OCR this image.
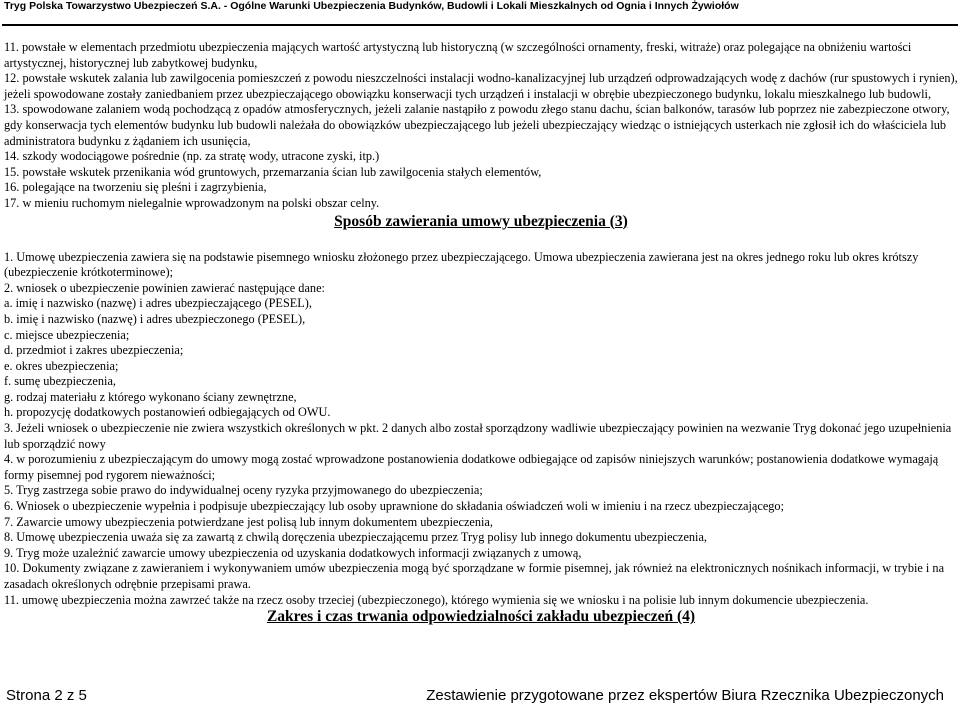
Tryg Polska Towarzystwo Ubezpieczeń S.A. - Ogólne Warunki Ubezpieczenia Budynków, Budowli i Lokali Mieszkalnych od Ognia i Innych Żywiołów

11. powstałe w elementach przedmiotu ubezpieczenia mających wartość artystyczną lub historyczną (w szczególności ornamenty, freski, witraże) oraz polegające na obniżeniu wartości artystycznej, historycznej lub zabytkowej budynku,

12. powstałe wskutek zalania lub zawilgocenia pomieszczeń z powodu nieszczelności instalacji wodno-kanalizacyjnej lub urządzeń odprowadzających wodę z dachów (rur spustowych i rynien), jeżeli spowodowane zostały zaniedbaniem przez ubezpieczającego obowiązku konserwacji tych urządzeń i instalacji w obrębie ubezpieczonego budynku, lokalu mieszkalnego lub budowli,

13. spowodowane zalaniem wodą pochodzącą z opadów atmosferycznych, jeżeli zalanie nastąpiło z powodu złego stanu dachu, ścian balkonów, tarasów lub poprzez nie zabezpieczone otwory, gdy konserwacja tych elementów budynku lub budowli należała do obowiązków ubezpieczającego lub jeżeli ubezpieczający wiedząc o istniejących usterkach nie zgłosił ich do właściciela lub administratora budynku z żądaniem ich usunięcia,

14. szkody wodociągowe pośrednie (np. za stratę wody, utracone zyski, itp.)

15. powstałe wskutek przenikania wód gruntowych, przemarzania ścian lub zawilgocenia stałych elementów,

16. polegające na tworzeniu się pleśni i zagrzybienia,

17. w mieniu ruchomym nielegalnie wprowadzonym na polski obszar celny.

Sposób zawierania umowy ubezpieczenia (3)

1. Umowę ubezpieczenia zawiera się na podstawie pisemnego wniosku złożonego przez ubezpieczającego. Umowa ubezpieczenia zawierana jest na okres jednego roku lub okres krótszy (ubezpieczenie krótkoterminowe);

2. wniosek o ubezpieczenie powinien zawierać następujące dane:

a. imię i nazwisko (nazwę) i adres ubezpieczającego (PESEL),

b. imię i nazwisko (nazwę) i adres ubezpieczonego (PESEL),

c. miejsce ubezpieczenia;

d. przedmiot i zakres ubezpieczenia;

e. okres ubezpieczenia;

f. sumę ubezpieczenia,

g. rodzaj materiału z którego wykonano ściany zewnętrzne,

h. propozycję dodatkowych postanowień odbiegających od OWU.

3. Jeżeli wniosek o ubezpieczenie nie zwiera wszystkich określonych w pkt. 2 danych albo został sporządzony wadliwie ubezpieczający powinien na wezwanie Tryg dokonać jego uzupełnienia lub sporządzić nowy

4. w porozumieniu z ubezpieczającym do umowy mogą zostać wprowadzone postanowienia dodatkowe odbiegające od zapisów niniejszych warunków; postanowienia dodatkowe wymagają formy pisemnej pod rygorem nieważności;

5. Tryg zastrzega sobie prawo do indywidualnej oceny ryzyka przyjmowanego do ubezpieczenia;

6. Wniosek o ubezpieczenie wypełnia i podpisuje ubezpieczający lub osoby uprawnione do składania oświadczeń woli w imieniu i na rzecz ubezpieczającego;

7. Zawarcie umowy ubezpieczenia potwierdzane jest polisą lub innym dokumentem ubezpieczenia,

8. Umowę ubezpieczenia uważa się za zawartą z chwilą doręczenia ubezpieczającemu przez Tryg polisy lub innego dokumentu ubezpieczenia,

9. Tryg może uzależnić zawarcie umowy ubezpieczenia od uzyskania dodatkowych informacji związanych z umową,

10. Dokumenty związane z zawieraniem i wykonywaniem umów ubezpieczenia mogą być sporządzane w formie pisemnej, jak również na elektronicznych nośnikach informacji, w trybie i na zasadach określonych odrębnie przepisami prawa.

11. umowę ubezpieczenia można zawrzeć także na rzecz osoby trzeciej (ubezpieczonego), którego wymienia się we wniosku i na polisie lub innym dokumencie ubezpieczenia.

Zakres i czas trwania odpowiedzialności zakładu ubezpieczeń (4)
Strona 2 z 5	Zestawienie przygotowane przez ekspertów Biura Rzecznika Ubezpieczonych
